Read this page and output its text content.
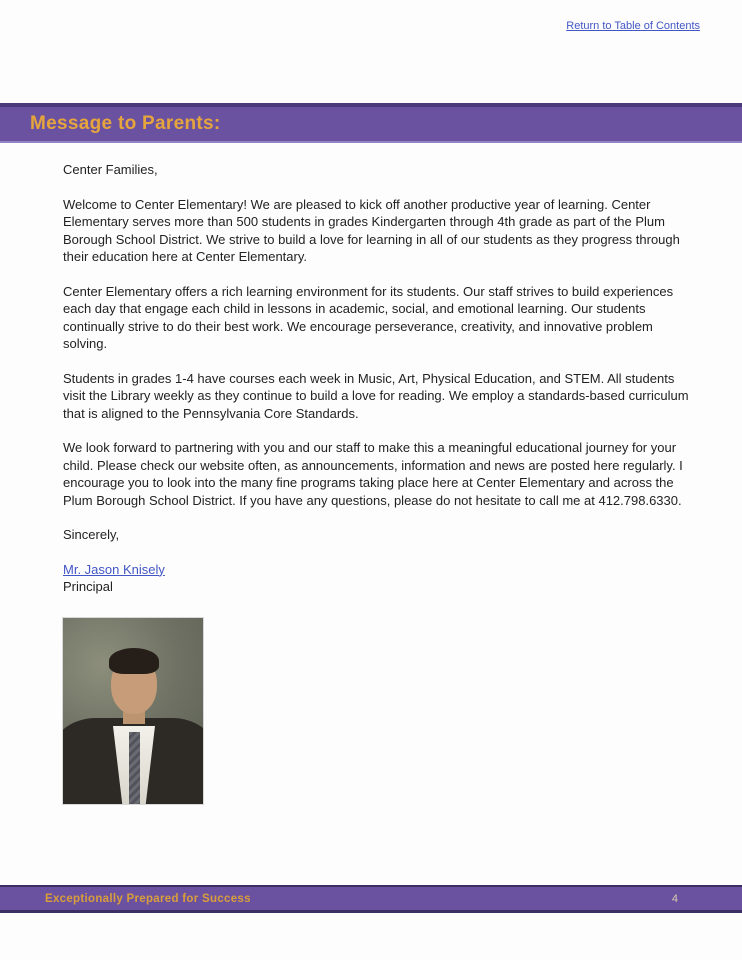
Return to Table of Contents
Message to Parents:

Center Families,

Welcome to Center Elementary! We are pleased to kick off another productive year of learning. Center Elementary serves more than 500 students in grades Kindergarten through 4th grade as part of the Plum Borough School District. We strive to build a love for learning in all of our students as they progress through their education here at Center Elementary.

Center Elementary offers a rich learning environment for its students. Our staff strives to build experiences each day that engage each child in lessons in academic, social, and emotional learning. Our students continually strive to do their best work. We encourage perseverance, creativity, and innovative problem solving.

Students in grades 1-4 have courses each week in Music, Art, Physical Education, and STEM. All students visit the Library weekly as they continue to build a love for reading. We employ a standards-based curriculum that is aligned to the Pennsylvania Core Standards.

We look forward to partnering with you and our staff to make this a meaningful educational journey for your child. Please check our website often, as announcements, information and news are posted here regularly. I encourage you to look into the many fine programs taking place here at Center Elementary and across the Plum Borough School District. If you have any questions, please do not hesitate to call me at 412.798.6330.

Sincerely,

Mr. Jason Knisely

Principal

Exceptionally Prepared for Success	4
